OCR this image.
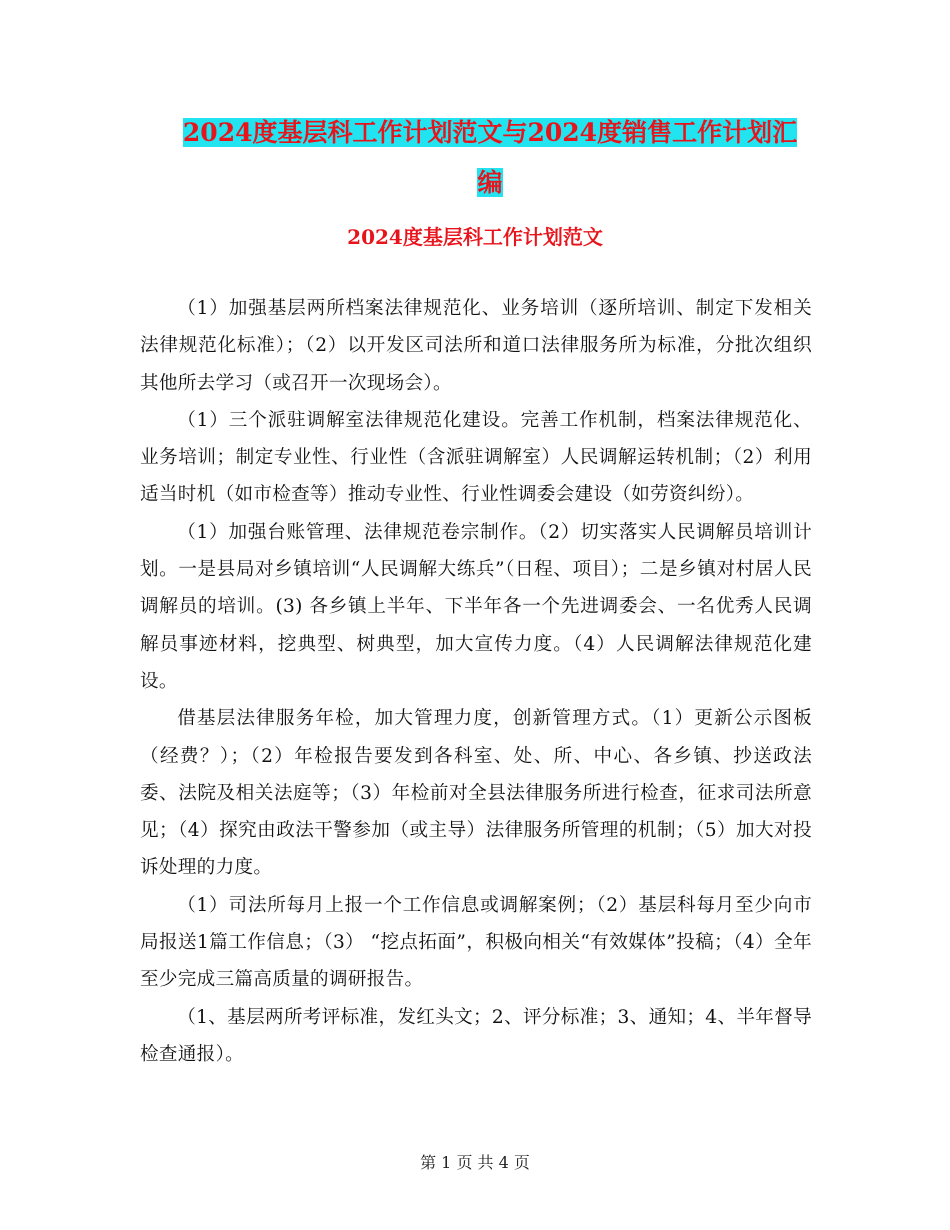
2024度基层科工作计划范文与2024度销售工作计划汇
编
2024度基层科工作计划范文

（1）加强基层两所档案法律规范化、业务培训（逐所培训、制定下发相关法律规范化标准）；（2）以开发区司法所和道口法律服务所为标准，分批次组织其他所去学习（或召开一次现场会）。

（1）三个派驻调解室法律规范化建设。完善工作机制，档案法律规范化、业务培训；制定专业性、行业性（含派驻调解室）人民调解运转机制；（2）利用适当时机（如市检查等）推动专业性、行业性调委会建设（如劳资纠纷）。

（1）加强台账管理、法律规范卷宗制作。（2）切实落实人民调解员培训计划。一是县局对乡镇培训“人民调解大练兵”（日程、项目）；二是乡镇对村居人民调解员的培训。(3) 各乡镇上半年、下半年各一个先进调委会、一名优秀人民调解员事迹材料，挖典型、树典型，加大宣传力度。（4）人民调解法律规范化建设。

借基层法律服务年检，加大管理力度，创新管理方式。（1）更新公示图板（经费？）；（2）年检报告要发到各科室、处、所、中心、各乡镇、抄送政法委、法院及相关法庭等；（3）年检前对全县法律服务所进行检查，征求司法所意见；（4）探究由政法干警参加（或主导）法律服务所管理的机制；（5）加大对投诉处理的力度。

（1）司法所每月上报一个工作信息或调解案例；（2）基层科每月至少向市局报送1篇工作信息；（3） “挖点拓面”，积极向相关“有效媒体”投稿；（4）全年至少完成三篇高质量的调研报告。

（1、基层两所考评标准，发红头文；2、评分标准；3、通知；4、半年督导检查通报）。

第 1 页 共 4 页
